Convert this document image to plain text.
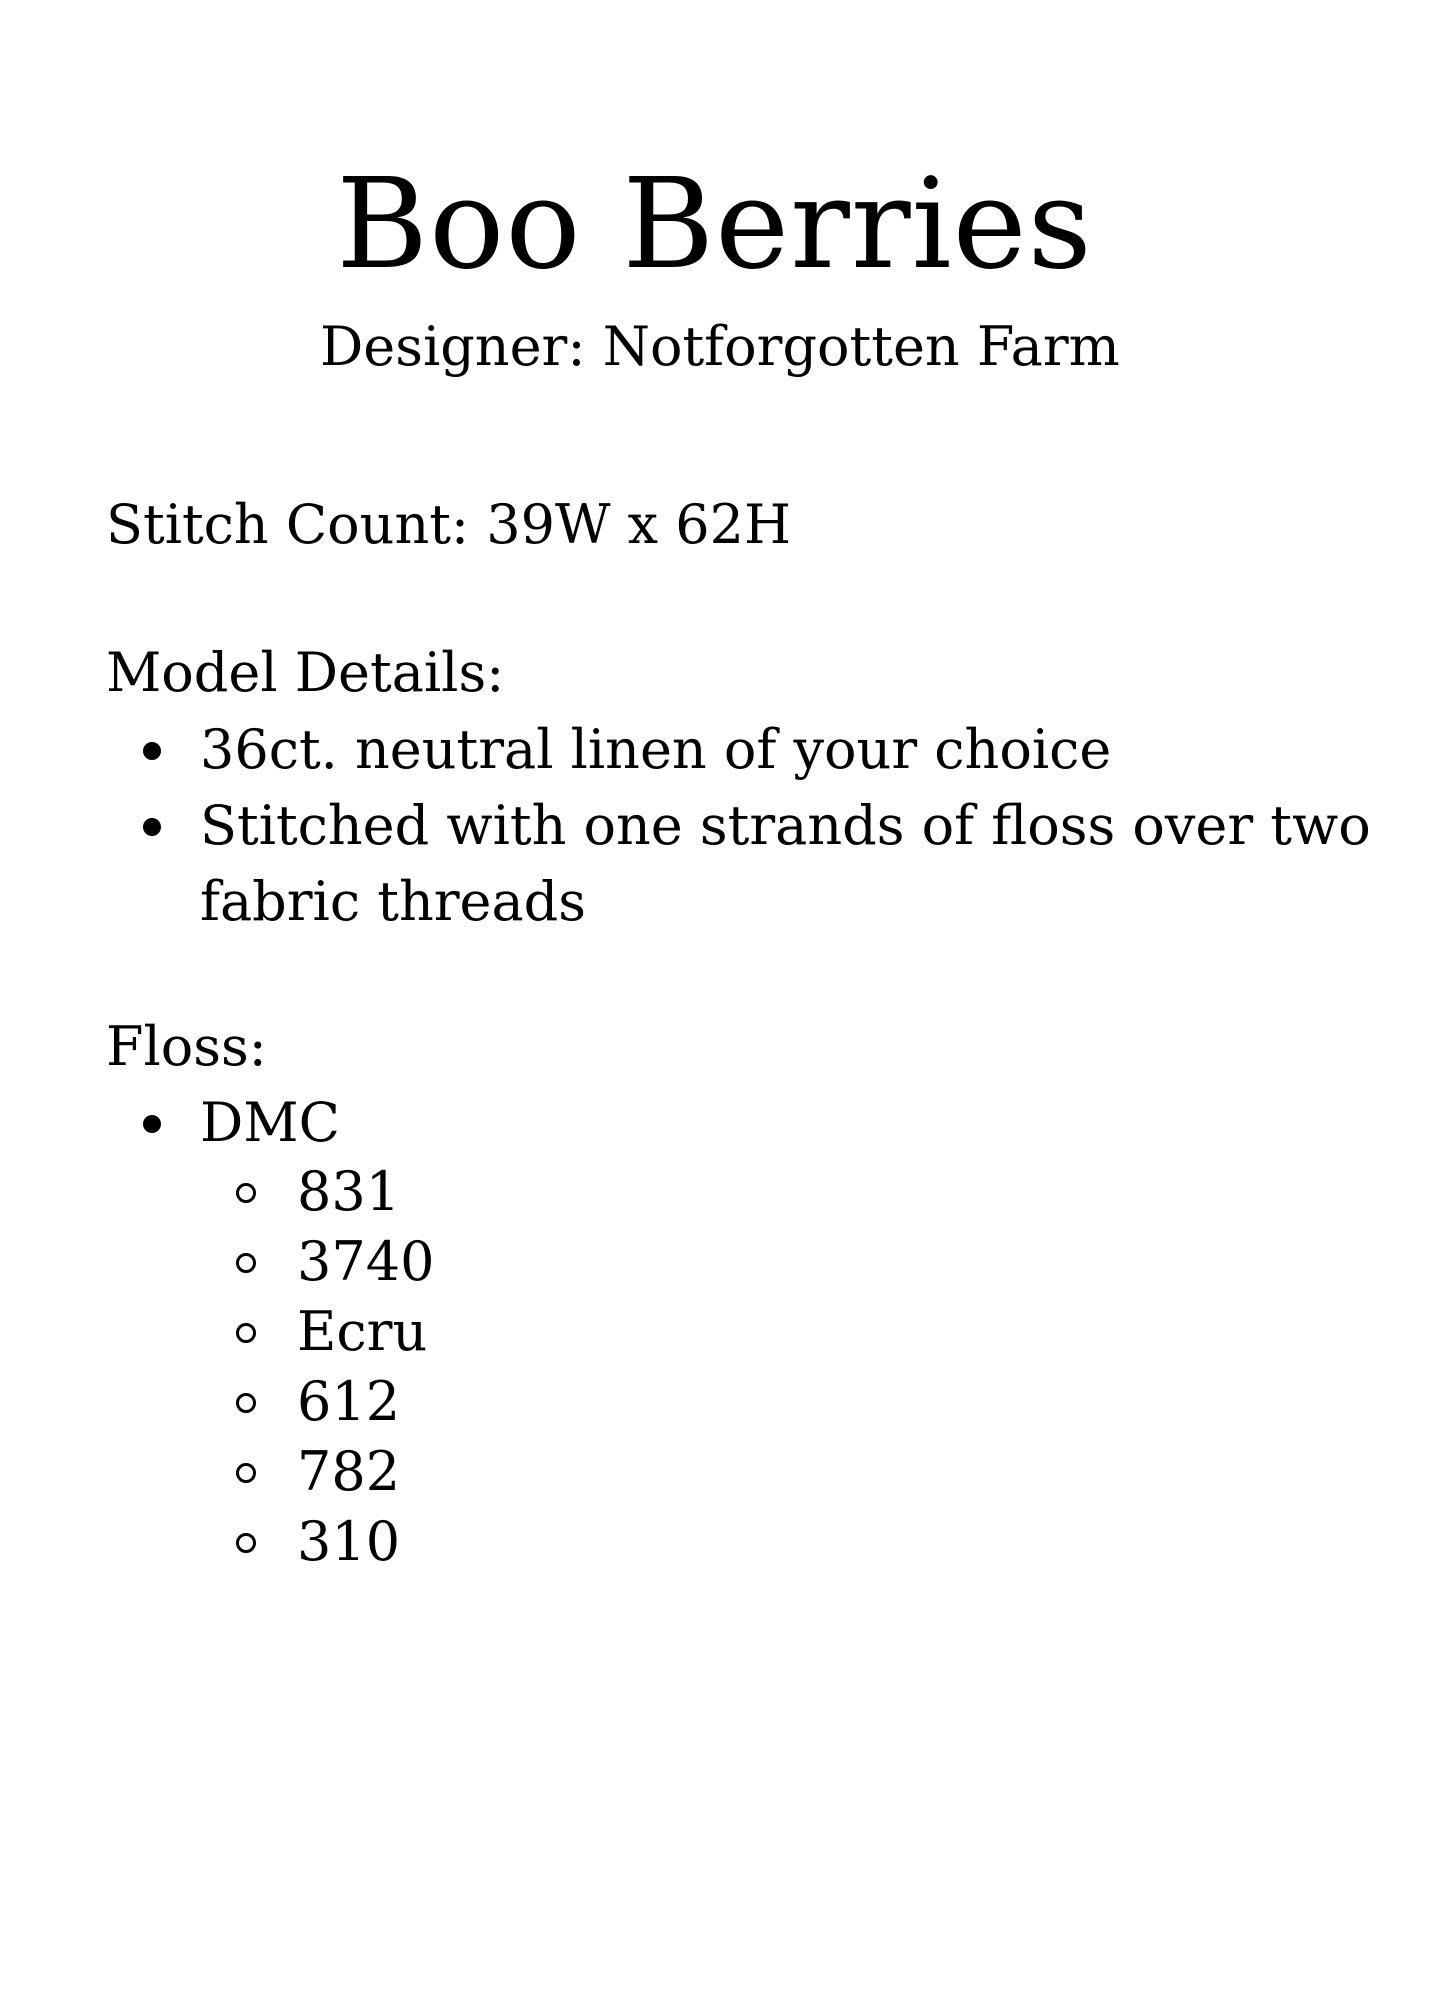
Boo Berries
Designer: Notforgotten Farm
Stitch Count: 39W x 62H
Model Details:
36ct. neutral linen of your choice
Stitched with one strands of floss over two
fabric threads
Floss:
DMC
831
3740
Ecru
612
782
310
